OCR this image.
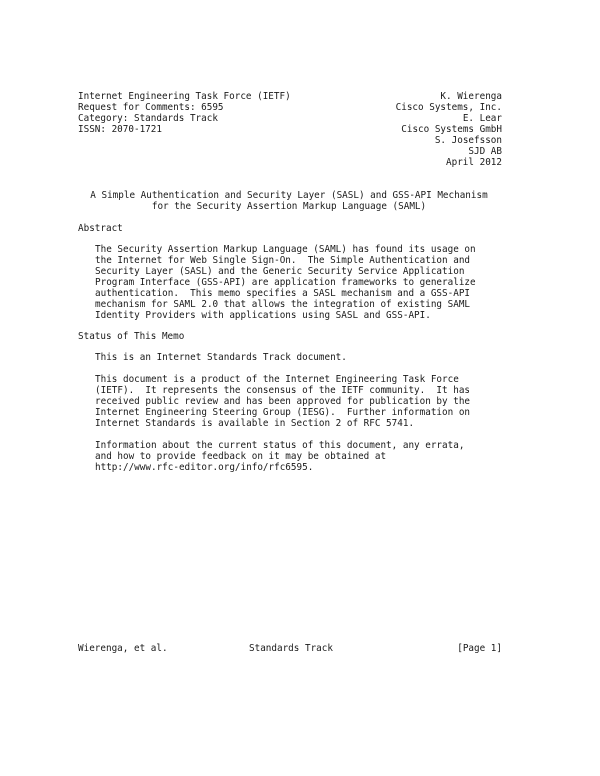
Internet Engineering Task Force (IETF)
Request for Comments: 6595
Category: Standards Track
ISSN: 2070-1721
K. Wierenga
Cisco Systems, Inc.
E. Lear
Cisco Systems GmbH
S. Josefsson
SJD AB
April 2012
A Simple Authentication and Security Layer (SASL) and GSS-API Mechanism
for the Security Assertion Markup Language (SAML)
Abstract
The Security Assertion Markup Language (SAML) has found its usage on
the Internet for Web Single Sign-On.  The Simple Authentication and
Security Layer (SASL) and the Generic Security Service Application
Program Interface (GSS-API) are application frameworks to generalize
authentication.  This memo specifies a SASL mechanism and a GSS-API
mechanism for SAML 2.0 that allows the integration of existing SAML
Identity Providers with applications using SASL and GSS-API.
Status of This Memo
This is an Internet Standards Track document.
This document is a product of the Internet Engineering Task Force
(IETF).  It represents the consensus of the IETF community.  It has
received public review and has been approved for publication by the
Internet Engineering Steering Group (IESG).  Further information on
Internet Standards is available in Section 2 of RFC 5741.
Information about the current status of this document, any errata,
and how to provide feedback on it may be obtained at
http://www.rfc-editor.org/info/rfc6595.
Wierenga, et al.	Standards Track	[Page 1]
